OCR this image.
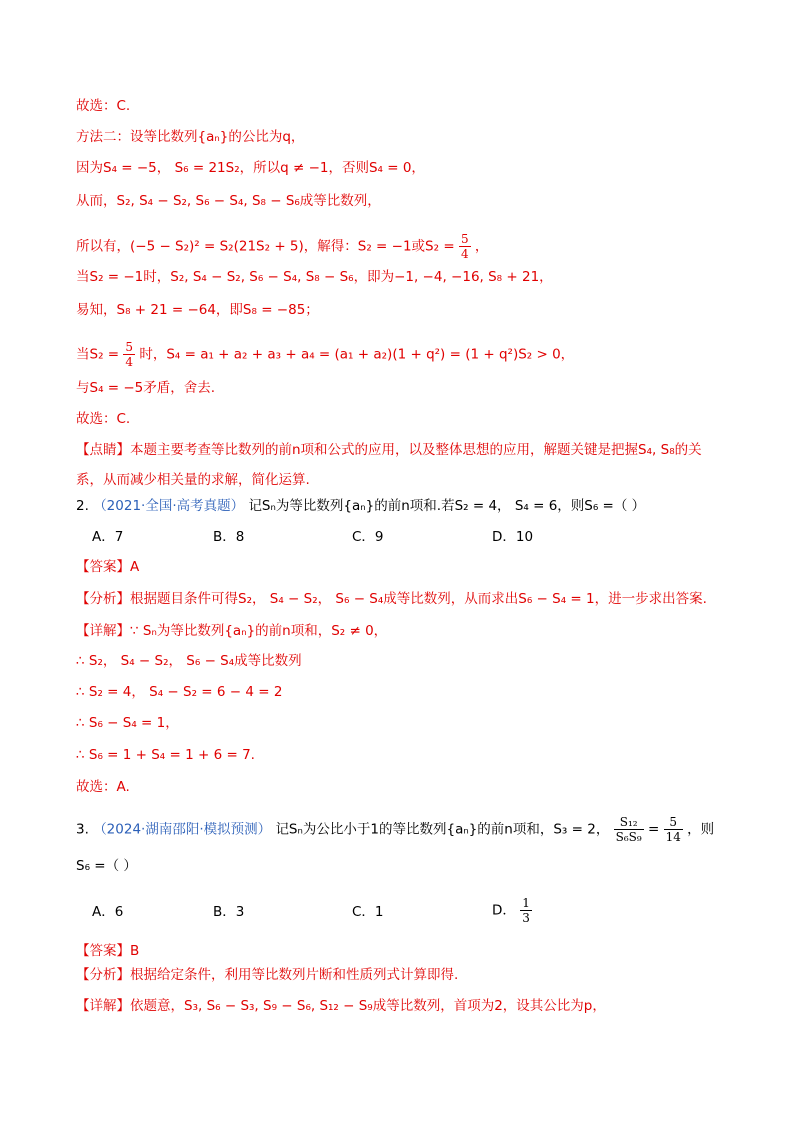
故选：C.
方法二：设等比数列{aₙ}的公比为q，
因为S₄ = −5， S₆ = 21S₂，所以q ≠ −1，否则S₄ = 0，
从而，S₂, S₄ − S₂, S₆ − S₄, S₈ − S₆成等比数列，
所以有，(−5 − S₂)² = S₂(21S₂ + 5)，解得：S₂ = −1或$S_2 = \frac{5}{4}$ ，
当S₂ = −1时，S₂, S₄ − S₂, S₆ − S₄, S₈ − S₆，即为−1, −4, −16, S₈ + 21，
易知，S₈ + 21 = −64，即S₈ = −85；
当$S_2 = \frac{5}{4}$ 时，S₄ = a₁ + a₂ + a₃ + a₄ = (a₁ + a₂)(1 + q²) = (1 + q²)S₂ > 0，
与S₄ = −5矛盾，舍去.
故选：C.
【点睛】本题主要考查等比数列的前n项和公式的应用，以及整体思想的应用，解题关键是把握S₄, S₈的关
系，从而减少相关量的求解，简化运算.
2. （2021·全国·高考真题） 记Sₙ为等比数列{aₙ}的前n项和.若S₂ = 4， S₄ = 6，则S₆ =（ ）
A．7	B．8	C．9	D．10
【答案】A
【分析】根据题目条件可得S₂， S₄ − S₂， S₆ − S₄成等比数列，从而求出S₆ − S₄ = 1，进一步求出答案.
【详解】∵ Sₙ为等比数列{aₙ}的前n项和，S₂ ≠ 0，
∴ S₂， S₄ − S₂， S₆ − S₄成等比数列
∴ S₂ = 4， S₄ − S₂ = 6 − 4 = 2
∴ S₆ − S₄ = 1，
∴ S₆ = 1 + S₄ = 1 + 6 = 7.
故选：A.
3. （2024·湖南邵阳·模拟预测） 记Sₙ为公比小于1的等比数列{aₙ}的前n项和，S₃ = 2， $\frac{\text{S₁₂}}{\text{S₆S₉}} = \frac{5}{14}$ ，则
S₆ =（ ）
A．6	B．3	C．1	D． $\frac{1}{3}$
【答案】B
【分析】根据给定条件，利用等比数列片断和性质列式计算即得.
【详解】依题意，S₃, S₆ − S₃, S₉ − S₆, S₁₂ − S₉成等比数列，首项为2，设其公比为p，
